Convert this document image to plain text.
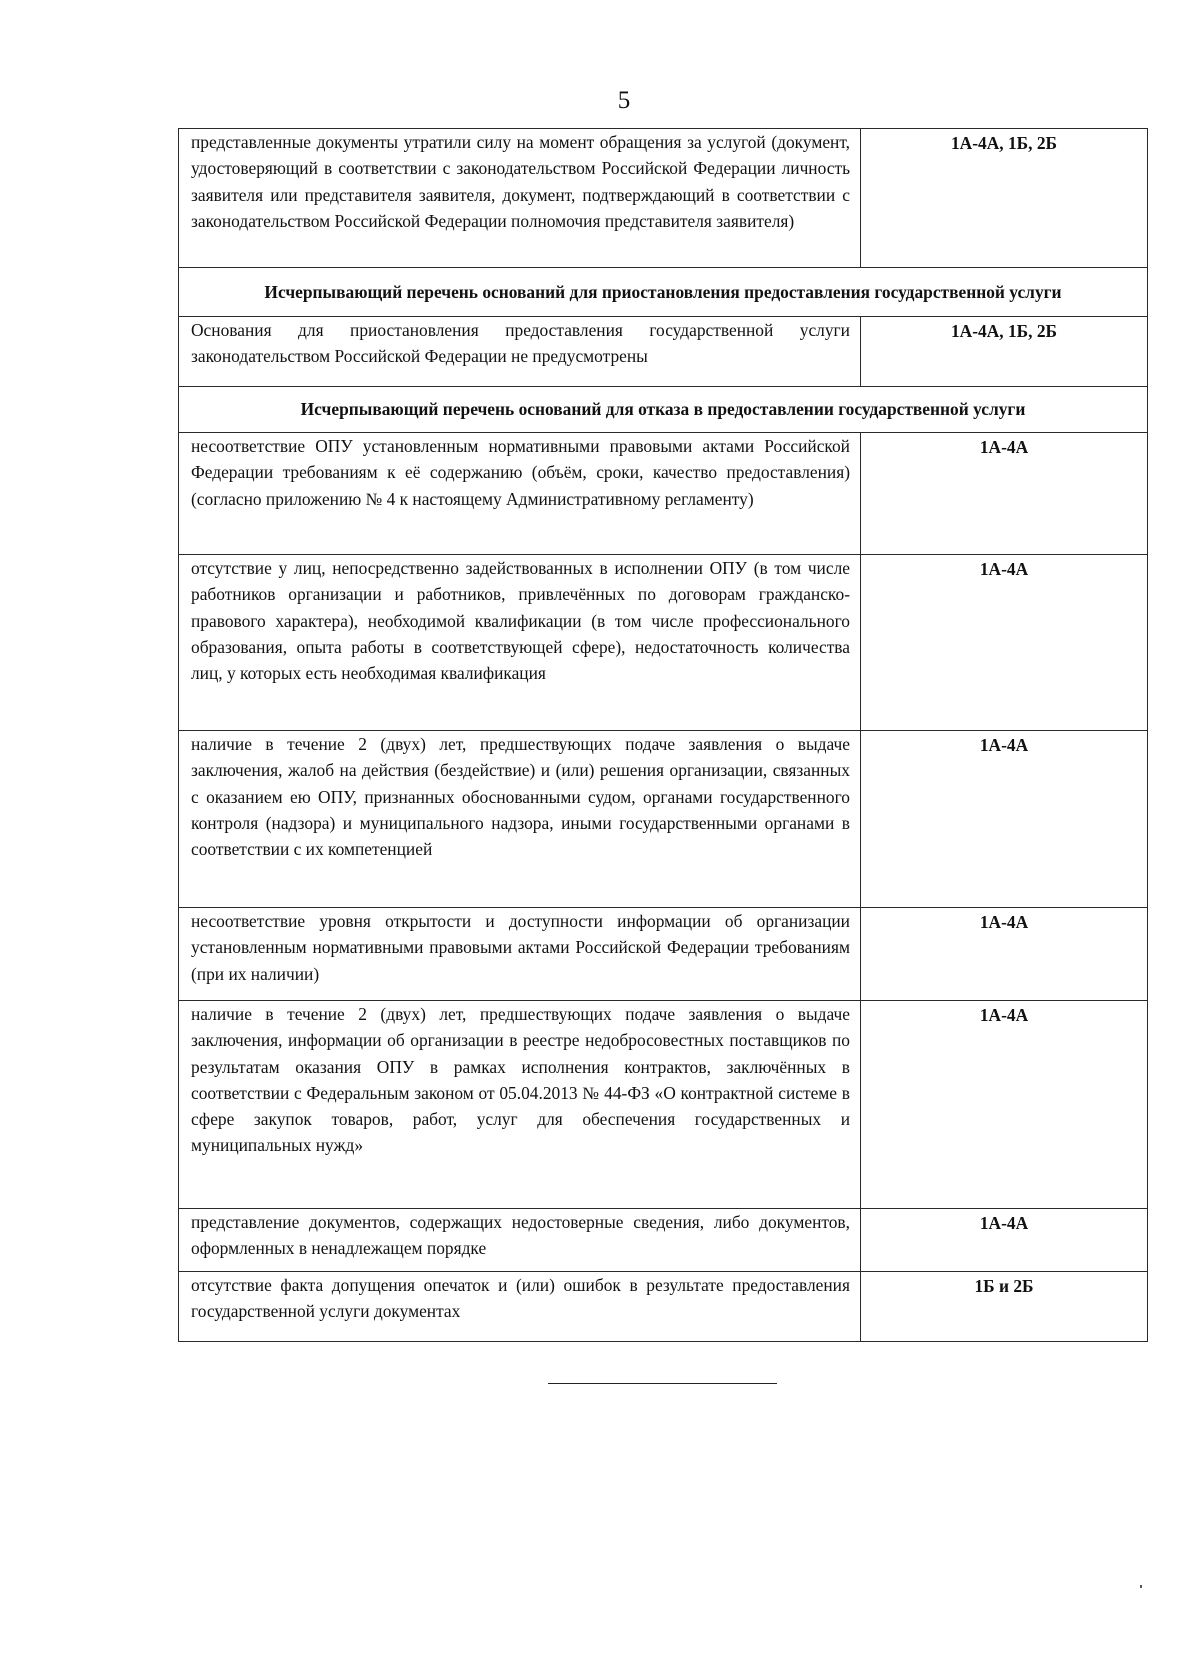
5
представленные документы утратили силу на момент обращения за услугой (документ, удостоверяющий в соответствии с законодательством Российской Федерации личность заявителя или представителя заявителя, документ, подтверждающий в соответствии с законодательством Российской Федерации полномочия представителя заявителя)	1А-4А, 1Б, 2Б
Исчерпывающий перечень оснований для приостановления предоставления государственной услуги	
Основания для приостановления предоставления государственной услуги законодательством Российской Федерации не предусмотрены	1А-4А, 1Б, 2Б
Исчерпывающий перечень оснований для отказа в предоставлении государственной услуги	
несоответствие ОПУ установленным нормативными правовыми актами Российской Федерации требованиям к её содержанию (объём, сроки, качество предоставления) (согласно приложению № 4 к настоящему Административному регламенту)	1А-4А
отсутствие у лиц, непосредственно задействованных в исполнении ОПУ (в том числе работников организации и работников, привлечённых по договорам гражданско-правового характера), необходимой квалификации (в том числе профессионального образования, опыта работы в соответствующей сфере), недостаточность количества лиц, у которых есть необходимая квалификация	1А-4А
наличие в течение 2 (двух) лет, предшествующих подаче заявления о выдаче заключения, жалоб на действия (бездействие) и (или) решения организации, связанных с оказанием ею ОПУ, признанных обоснованными судом, органами государственного контроля (надзора) и муниципального надзора, иными государственными органами в соответствии с их компетенцией	1А-4А
несоответствие уровня открытости и доступности информации об организации установленным нормативными правовыми актами Российской Федерации требованиям (при их наличии)	1А-4А
наличие в течение 2 (двух) лет, предшествующих подаче заявления о выдаче заключения, информации об организации в реестре недобросовестных поставщиков по результатам оказания ОПУ в рамках исполнения контрактов, заключённых в соответствии с Федеральным законом от 05.04.2013 № 44-ФЗ «О контрактной системе в сфере закупок товаров, работ, услуг для обеспечения государственных и муниципальных нужд»	1А-4А
представление документов, содержащих недостоверные сведения, либо документов, оформленных в ненадлежащем порядке	1А-4А
отсутствие факта допущения опечаток и (или) ошибок в результате предоставления государственной услуги документах	1Б и 2Б
